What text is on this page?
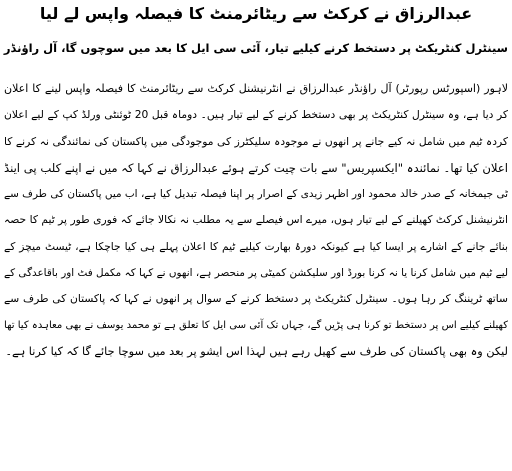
عبدالرزاق نے کرکٹ سے ریٹائرمنٹ کا فیصلہ واپس لے لیا
سینٹرل کنٹریکٹ پر دستخط کرنے کیلیے تیار، آئی سی ایل کا بعد میں سوچوں گا، آل راؤنڈر
لاہور (اسپورٹس رپورٹر) آل راؤنڈر عبدالرزاق نے انٹرنیشنل کرکٹ سے ریٹائرمنٹ کا فیصلہ واپس لینے کا اعلان
کر دیا ہے، وہ سینٹرل کنٹریکٹ پر بھی دستخط کرنے کے لیے تیار ہیں۔ دوماہ قبل 20 ٹوئنٹی ورلڈ کپ کے لیے اعلان
کردہ ٹیم میں شامل نہ کیے جانے پر انھوں نے موجودہ سلیکٹرز کی موجودگی میں پاکستان کی نمائندگی نہ کرنے کا
اعلان کیا تھا۔ نمائندہ "ایکسپریس" سے بات چیت کرتے ہوئے عبدالرزاق نے کہا کہ میں نے اپنے کلب پی اینڈ
ٹی جیمخانہ کے صدر خالد محمود اور اظہر زیدی کے اصرار پر اپنا فیصلہ تبدیل کیا ہے، اب میں پاکستان کی طرف سے
انٹرنیشنل کرکٹ کھیلنے کے لیے تیار ہوں، میرے اس فیصلے سے یہ مطلب نہ نکالا جائے کہ فوری طور پر ٹیم کا حصہ
بنائے جانے کے اشارے پر ایسا کیا ہے کیونکہ دورۂ بھارت کیلیے ٹیم کا اعلان پہلے ہی کیا جاچکا ہے، ٹیسٹ میچز کے
لیے ٹیم میں شامل کرنا یا نہ کرنا بورڈ اور سلیکشن کمیٹی پر منحصر ہے، انھوں نے کہا کہ مکمل فٹ اور باقاعدگی کے
ساتھ ٹریننگ کر رہا ہوں۔ سینٹرل کنٹریکٹ پر دستخط کرنے کے سوال پر انھوں نے کہا کہ پاکستان کی طرف سے
کھیلنے کیلیے اس پر دستخط تو کرنا ہی پڑیں گے، جہاں تک آئی سی ایل کا تعلق ہے تو محمد یوسف نے بھی معاہدہ کیا تھا
لیکن وہ بھی پاکستان کی طرف سے کھیل رہے ہیں لہذا اس ایشو پر بعد میں سوچا جائے گا کہ کیا کرنا ہے۔
